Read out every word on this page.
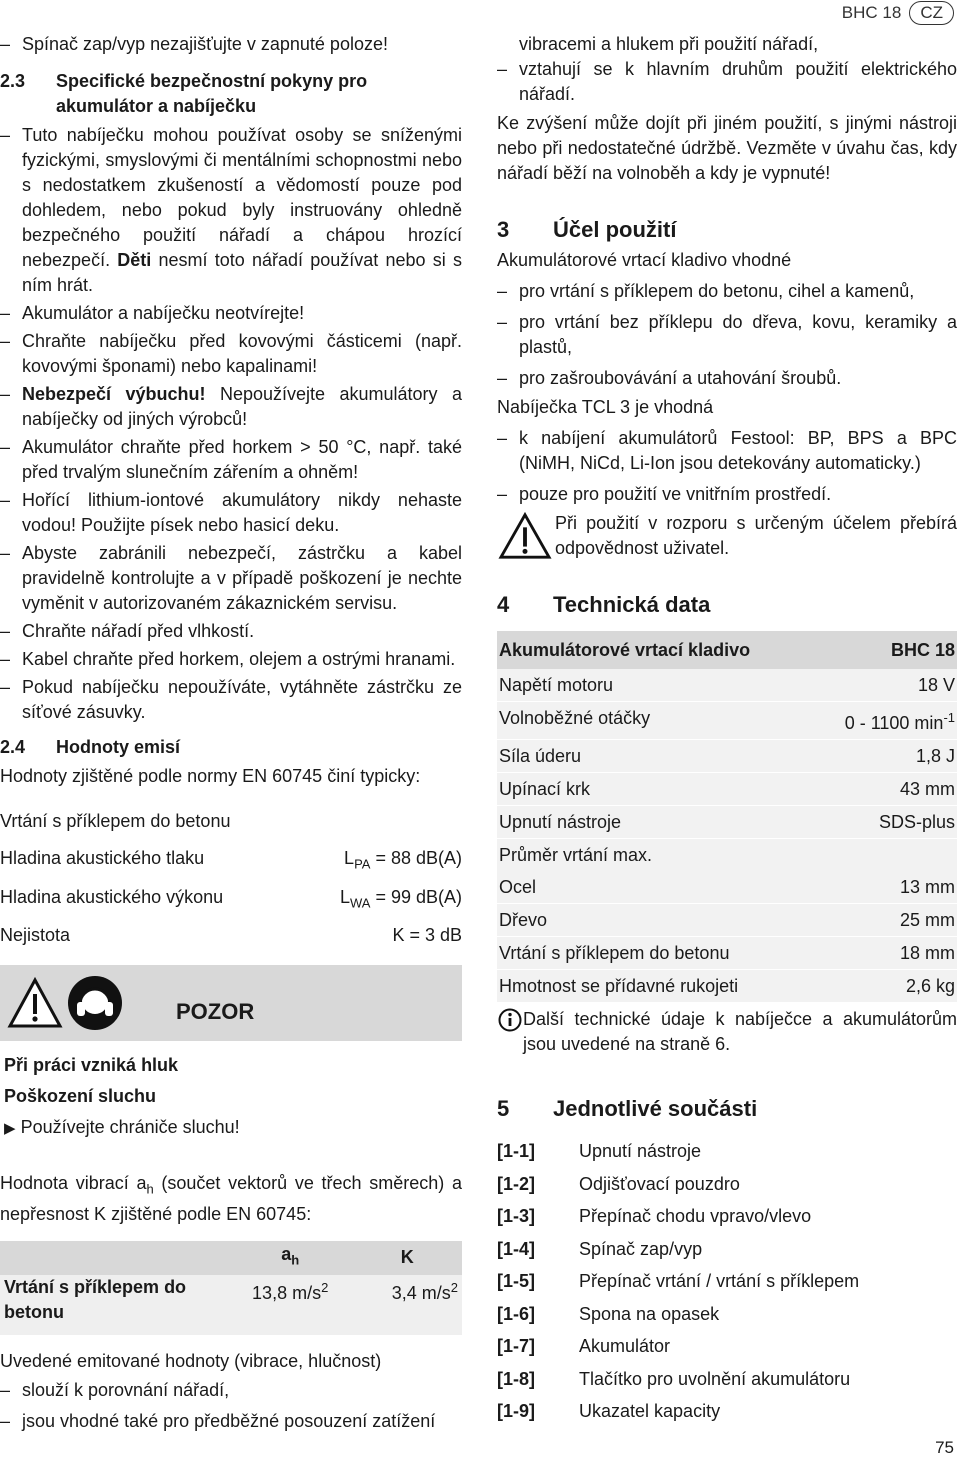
BHC 18	CZ

– Spínač zap/vyp nezajišťujte v zapnuté poloze!

2.3	Specifické bezpečnostní pokyny pro akumulátor a nabíječku

– Tuto nabíječku mohou používat osoby se sníženými fyzickými, smyslovými či mentálními schopnostmi nebo s nedostatkem zkušeností a vědomostí pouze pod dohledem, nebo pokud byly instruovány ohledně bezpečného použití nářadí a chápou hrozící nebezpečí. Děti nesmí toto nářadí používat nebo si s ním hrát.

– Akumulátor a nabíječku neotvírejte!

– Chraňte nabíječku před kovovými částicemi (např. kovovými šponami) nebo kapalinami!

– Nebezpečí výbuchu! Nepoužívejte akumulátory a nabíječky od jiných výrobců!

– Akumulátor chraňte před horkem > 50 °C, např. také před trvalým slunečním zářením a ohněm!

– Hořící lithium-iontové akumulátory nikdy nehaste vodou! Použijte písek nebo hasicí deku.

– Abyste zabránili nebezpečí, zástrčku a kabel pravidelně kontrolujte a v případě poškození je nechte vyměnit v autorizovaném zákaznickém servisu.

– Chraňte nářadí před vlhkostí.

– Kabel chraňte před horkem, olejem a ostrými hranami.

– Pokud nabíječku nepoužíváte, vytáhněte zástrčku ze síťové zásuvky.

2.4	Hodnoty emisí

Hodnoty zjištěné podle normy EN 60745 činí typicky:

Vrtání s příklepem do betonu

Hladina akustického tlaku	$L_{PA} = 88$ dB(A)
Hladina akustického výkonu	$L_{WA} = 99$ dB(A)
Nejistota	K = 3 dB
POZOR

Při práci vzniká hluk

Poškození sluchu

▶ Používejte chrániče sluchu!

Hodnota vibrací $a_h$ (součet vektorů ve třech směrech) a nepřesnost K zjištěné podle EN 60745:

	$a_h$	K
Vrtání s příklepem do betonu	13,8 $m/s^2$	3,4 $m/s^2$

Uvedené emitované hodnoty (vibrace, hlučnost)

– slouží k porovnání nářadí,

– jsou vhodné také pro předběžné posouzení zatížení

vibracemi a hlukem při použití nářadí,

– vztahují se k hlavním druhům použití elektrického nářadí.

Ke zvýšení může dojít při jiném použití, s jinými nástroji nebo při nedostatečné údržbě. Vezměte v úvahu čas, kdy nářadí běží na volnoběh a kdy je vypnuté!

3	Účel použití

Akumulátorové vrtací kladivo vhodné

– pro vrtání s příklepem do betonu, cihel a kamenů,

– pro vrtání bez příklepu do dřeva, kovu, keramiky a plastů,

– pro zašroubovávání a utahování šroubů.

Nabíječka TCL 3 je vhodná

– k nabíjení akumulátorů Festool: BP, BPS a BPC (NiMH, NiCd, Li-Ion jsou detekovány automaticky.)

– pouze pro použití ve vnitřním prostředí.

Při použití v rozporu s určeným účelem přebírá odpovědnost uživatel.

4	Technická data
Akumulátorové vrtací kladivo	BHC 18
Napětí motoru	18 V
Volnoběžné otáčky	0 - 1100 $\min^{-1}$
Síla úderu	1,8 J
Upínací krk	43 mm
Upnutí nástroje	SDS-plus
Průměr vrtání max.	
Ocel	13 mm
Dřevo	25 mm
Vrtání s příklepem do betonu	18 mm
Hmotnost se přídavné rukojeti	2,6 kg

Další technické údaje k nabíječce a akumulátorům jsou uvedené na straně 6.

5	Jednotlivé součásti
[1-1]	Upnutí nástroje
[1-2]	Odjišťovací pouzdro
[1-3]	Přepínač chodu vpravo/vlevo
[1-4]	Spínač zap/vyp
[1-5]	Přepínač vrtání / vrtání s příklepem
[1-6]	Spona na opasek
[1-7]	Akumulátor
[1-8]	Tlačítko pro uvolnění akumulátoru
[1-9]	Ukazatel kapacity
75
